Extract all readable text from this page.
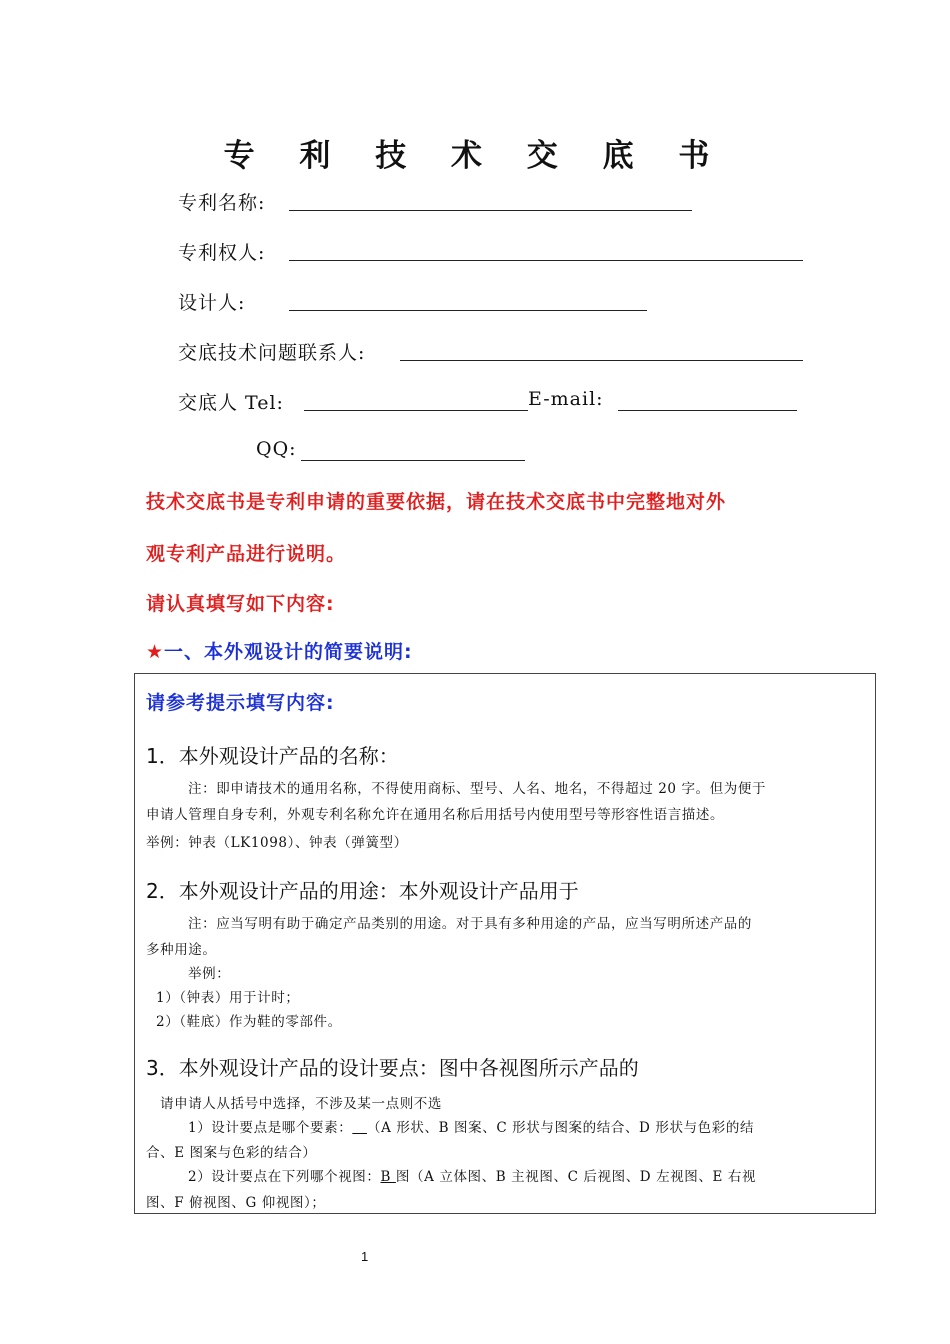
专 利 技 术 交 底 书
专利名称:
专利权人:
设计人:
交底技术问题联系人:
交底人 Tel:	E-mail:
QQ:
技术交底书是专利申请的重要依据，请在技术交底书中完整地对外
观专利产品进行说明。
请认真填写如下内容:
★一、本外观设计的简要说明:
请参考提示填写内容:
1．本外观设计产品的名称：
注：即申请技术的通用名称，不得使用商标、型号、人名、地名，不得超过 20 字。但为便于
申请人管理自身专利，外观专利名称允许在通用名称后用括号内使用型号等形容性语言描述。
举例：钟表（LK1098）、钟表（弹簧型）
2．本外观设计产品的用途：本外观设计产品用于
注：应当写明有助于确定产品类别的用途。对于具有多种用途的产品，应当写明所述产品的
多种用途。
举例：
1）（钟表）用于计时；
2）（鞋底）作为鞋的零部件。
3．本外观设计产品的设计要点：图中各视图所示产品的
请申请人从括号中选择，不涉及某一点则不选
1）设计要点是哪个要素： （A 形状、B 图案、C 形状与图案的结合、D 形状与色彩的结
合、E 图案与色彩的结合）
2）设计要点在下列哪个视图：B 图（A 立体图、B 主视图、C 后视图、D 左视图、E 右视
图、F 俯视图、G 仰视图）；
1
